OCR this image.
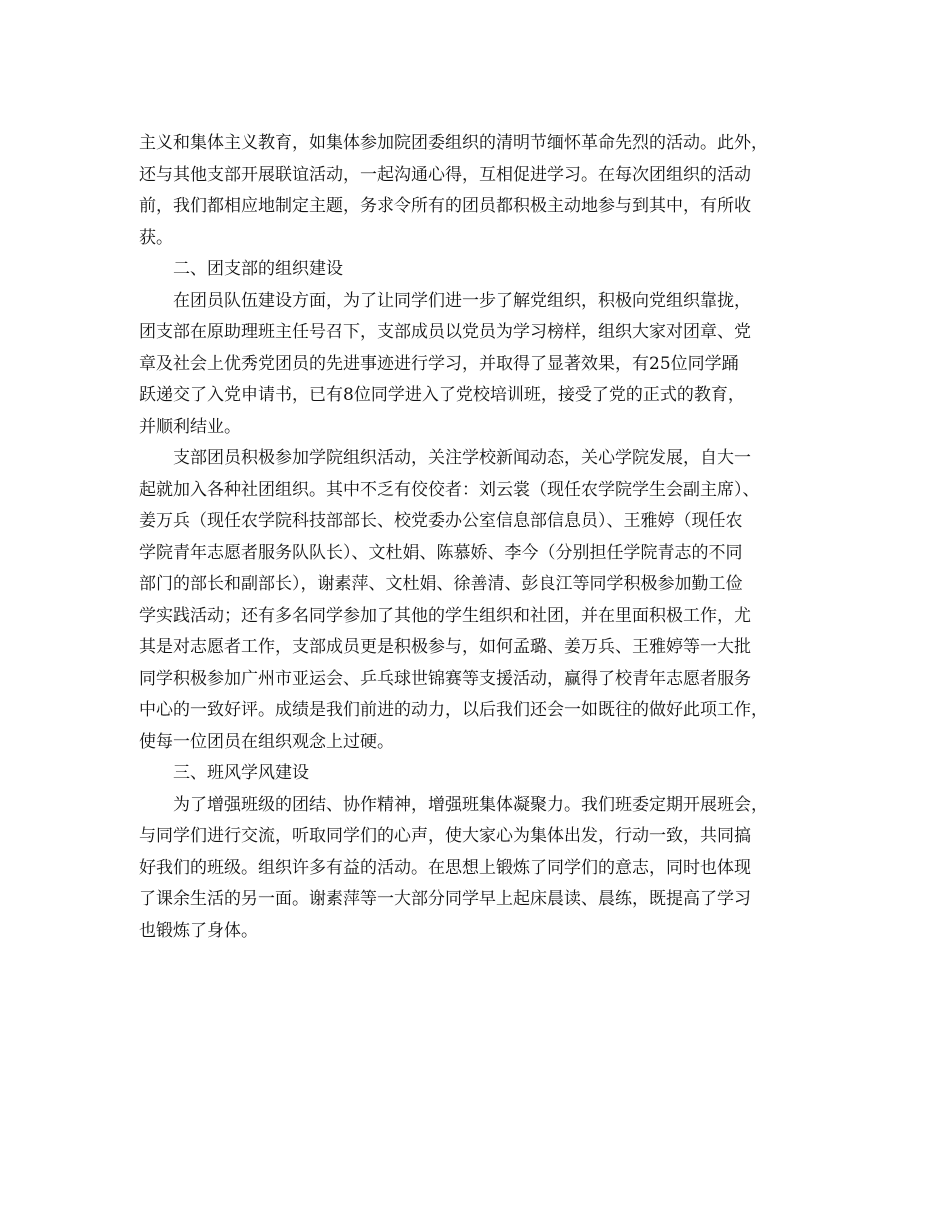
主义和集体主义教育，如集体参加院团委组织的清明节缅怀革命先烈的活动。此外，
还与其他支部开展联谊活动，一起沟通心得，互相促进学习。在每次团组织的活动
前，我们都相应地制定主题，务求令所有的团员都积极主动地参与到其中，有所收
获。
二、团支部的组织建设
在团员队伍建设方面，为了让同学们进一步了解党组织，积极向党组织靠拢，
团支部在原助理班主任号召下，支部成员以党员为学习榜样，组织大家对团章、党
章及社会上优秀党团员的先进事迹进行学习，并取得了显著效果，有25位同学踊
跃递交了入党申请书，已有8位同学进入了党校培训班，接受了党的正式的教育，
并顺利结业。
支部团员积极参加学院组织活动，关注学校新闻动态，关心学院发展，自大一
起就加入各种社团组织。其中不乏有佼佼者：刘云裳（现任农学院学生会副主席）、
姜万兵（现任农学院科技部部长、校党委办公室信息部信息员）、王雅婷（现任农
学院青年志愿者服务队队长）、文杜娟、陈慕娇、李今（分别担任学院青志的不同
部门的部长和副部长），谢素萍、文杜娟、徐善清、彭良江等同学积极参加勤工俭
学实践活动；还有多名同学参加了其他的学生组织和社团，并在里面积极工作，尤
其是对志愿者工作，支部成员更是积极参与，如何孟璐、姜万兵、王雅婷等一大批
同学积极参加广州市亚运会、乒乓球世锦赛等支援活动，赢得了校青年志愿者服务
中心的一致好评。成绩是我们前进的动力，以后我们还会一如既往的做好此项工作，
使每一位团员在组织观念上过硬。
三、班风学风建设
为了增强班级的团结、协作精神，增强班集体凝聚力。我们班委定期开展班会，
与同学们进行交流，听取同学们的心声，使大家心为集体出发，行动一致，共同搞
好我们的班级。组织许多有益的活动。在思想上锻炼了同学们的意志，同时也体现
了课余生活的另一面。谢素萍等一大部分同学早上起床晨读、晨练，既提高了学习
也锻炼了身体。
